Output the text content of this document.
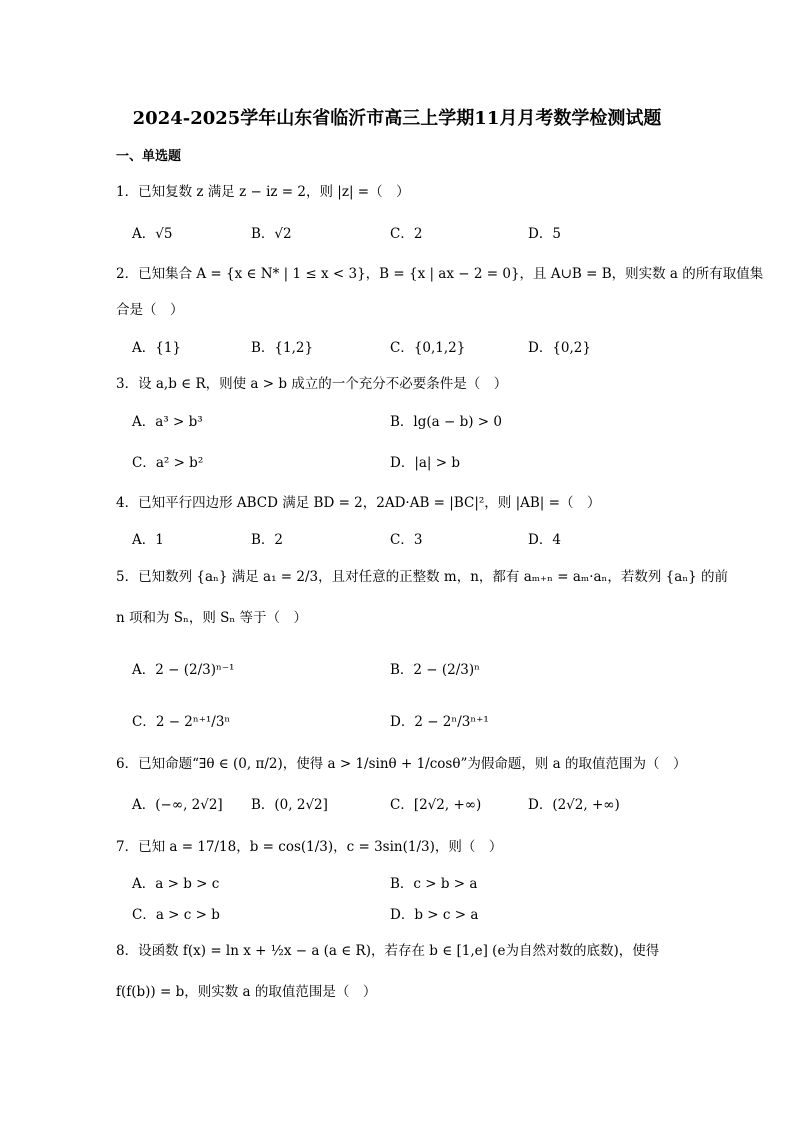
2024-2025学年山东省临沂市高三上学期11月月考数学检测试题
一、单选题
1．已知复数 z 满足 z − iz = 2，则 |z| =（　）
A．√5	B．√2	C．2	D．5
2．已知集合 A = {x ∈ N* | 1 ≤ x < 3}，B = {x | ax − 2 = 0}，且 A∪B = B，则实数 a 的所有取值集
合是（　）
A．{1}	B．{1,2}	C．{0,1,2}	D．{0,2}
3．设 a,b ∈ R，则使 a > b 成立的一个充分不必要条件是（　）
A．a³ > b³	B．lg(a − b) > 0
C．a² > b²	D．|a| > b
4．已知平行四边形 ABCD 满足 BD = 2，2AD·AB = |BC|²，则 |AB| =（　）
A．1	B．2	C．3	D．4
5．已知数列 {aₙ} 满足 a₁ = 2/3，且对任意的正整数 m，n，都有 aₘ₊ₙ = aₘ·aₙ，若数列 {aₙ} 的前
n 项和为 Sₙ，则 Sₙ 等于（　）
A．2 − (2/3)ⁿ⁻¹	B．2 − (2/3)ⁿ
C．2 − 2ⁿ⁺¹/3ⁿ	D．2 − 2ⁿ/3ⁿ⁺¹
6．已知命题“∃θ ∈ (0, π/2)，使得 a > 1/sinθ + 1/cosθ”为假命题，则 a 的取值范围为（　）
A．(−∞, 2√2] B．(0, 2√2]	C．[2√2, +∞)	D．(2√2, +∞)
7．已知 a = 17/18，b = cos(1/3)，c = 3sin(1/3)，则（　）
A．a > b > c	B．c > b > a
C．a > c > b	D．b > c > a
8．设函数 f(x) = ln x + ½x − a (a ∈ R)，若存在 b ∈ [1,e] (e为自然对数的底数)，使得
f(f(b)) = b，则实数 a 的取值范围是（　）
